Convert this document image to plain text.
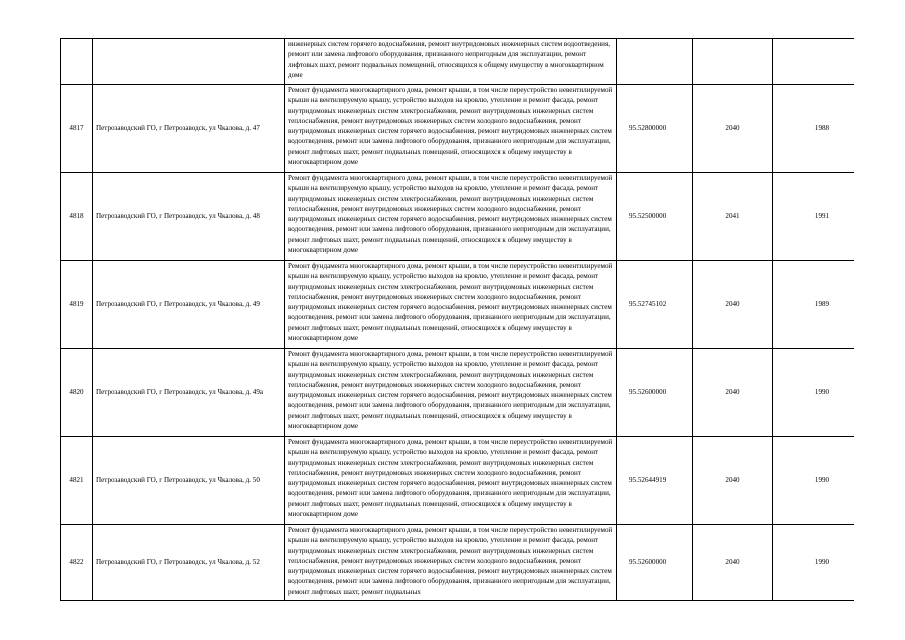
		инженерных систем горячего водоснабжения, ремонт внутридомовых инженерных систем водоотведения, ремонт или замена лифтового оборудования, признанного непригодным для эксплуатации, ремонт лифтовых шахт, ремонт подвальных помещений, относящихся к общему имуществу в многоквартирном доме			
4817	Петрозаводский ГО, г Петрозаводск, ул Чкалова, д. 47	Ремонт фундамента многоквартирного дома, ремонт крыши, в том числе переустройство невентилируемой крыши на вентилируемую крышу, устройство выходов на кровлю, утепление и ремонт фасада, ремонт внутридомовых инженерных систем электроснабжения, ремонт внутридомовых инженерных систем теплоснабжения, ремонт внутридомовых инженерных систем холодного водоснабжения, ремонт внутридомовых инженерных систем горячего водоснабжения, ремонт внутридомовых инженерных систем водоотведения, ремонт или замена лифтового оборудования, признанного непригодным для эксплуатации, ремонт лифтовых шахт, ремонт подвальных помещений, относящихся к общему имуществу в многоквартирном доме	95.52800000	2040	1988
4818	Петрозаводский ГО, г Петрозаводск, ул Чкалова, д. 48	Ремонт фундамента многоквартирного дома, ремонт крыши, в том числе переустройство невентилируемой крыши на вентилируемую крышу, устройство выходов на кровлю, утепление и ремонт фасада, ремонт внутридомовых инженерных систем электроснабжения, ремонт внутридомовых инженерных систем теплоснабжения, ремонт внутридомовых инженерных систем холодного водоснабжения, ремонт внутридомовых инженерных систем горячего водоснабжения, ремонт внутридомовых инженерных систем водоотведения, ремонт или замена лифтового оборудования, признанного непригодным для эксплуатации, ремонт лифтовых шахт, ремонт подвальных помещений, относящихся к общему имуществу в многоквартирном доме	95.52500000	2041	1991
4819	Петрозаводский ГО, г Петрозаводск, ул Чкалова, д. 49	Ремонт фундамента многоквартирного дома, ремонт крыши, в том числе переустройство невентилируемой крыши на вентилируемую крышу, устройство выходов на кровлю, утепление и ремонт фасада, ремонт внутридомовых инженерных систем электроснабжения, ремонт внутридомовых инженерных систем теплоснабжения, ремонт внутридомовых инженерных систем холодного водоснабжения, ремонт внутридомовых инженерных систем горячего водоснабжения, ремонт внутридомовых инженерных систем водоотведения, ремонт или замена лифтового оборудования, признанного непригодным для эксплуатации, ремонт лифтовых шахт, ремонт подвальных помещений, относящихся к общему имуществу в многоквартирном доме	95.52745102	2040	1989
4820	Петрозаводский ГО, г Петрозаводск, ул Чкалова, д. 49а	Ремонт фундамента многоквартирного дома, ремонт крыши, в том числе переустройство невентилируемой крыши на вентилируемую крышу, устройство выходов на кровлю, утепление и ремонт фасада, ремонт внутридомовых инженерных систем электроснабжения, ремонт внутридомовых инженерных систем теплоснабжения, ремонт внутридомовых инженерных систем холодного водоснабжения, ремонт внутридомовых инженерных систем горячего водоснабжения, ремонт внутридомовых инженерных систем водоотведения, ремонт или замена лифтового оборудования, признанного непригодным для эксплуатации, ремонт лифтовых шахт, ремонт подвальных помещений, относящихся к общему имуществу в многоквартирном доме	95.52600000	2040	1990
4821	Петрозаводский ГО, г Петрозаводск, ул Чкалова, д. 50	Ремонт фундамента многоквартирного дома, ремонт крыши, в том числе переустройство невентилируемой крыши на вентилируемую крышу, устройство выходов на кровлю, утепление и ремонт фасада, ремонт внутридомовых инженерных систем электроснабжения, ремонт внутридомовых инженерных систем теплоснабжения, ремонт внутридомовых инженерных систем холодного водоснабжения, ремонт внутридомовых инженерных систем горячего водоснабжения, ремонт внутридомовых инженерных систем водоотведения, ремонт или замена лифтового оборудования, признанного непригодным для эксплуатации, ремонт лифтовых шахт, ремонт подвальных помещений, относящихся к общему имуществу в многоквартирном доме	95.52644919	2040	1990
4822	Петрозаводский ГО, г Петрозаводск, ул Чкалова, д. 52	Ремонт фундамента многоквартирного дома, ремонт крыши, в том числе переустройство невентилируемой крыши на вентилируемую крышу, устройство выходов на кровлю, утепление и ремонт фасада, ремонт внутридомовых инженерных систем электроснабжения, ремонт внутридомовых инженерных систем теплоснабжения, ремонт внутридомовых инженерных систем холодного водоснабжения, ремонт внутридомовых инженерных систем горячего водоснабжения, ремонт внутридомовых инженерных систем водоотведения, ремонт или замена лифтового оборудования, признанного непригодным для эксплуатации, ремонт лифтовых шахт, ремонт подвальных	95.52600000	2040	1990
